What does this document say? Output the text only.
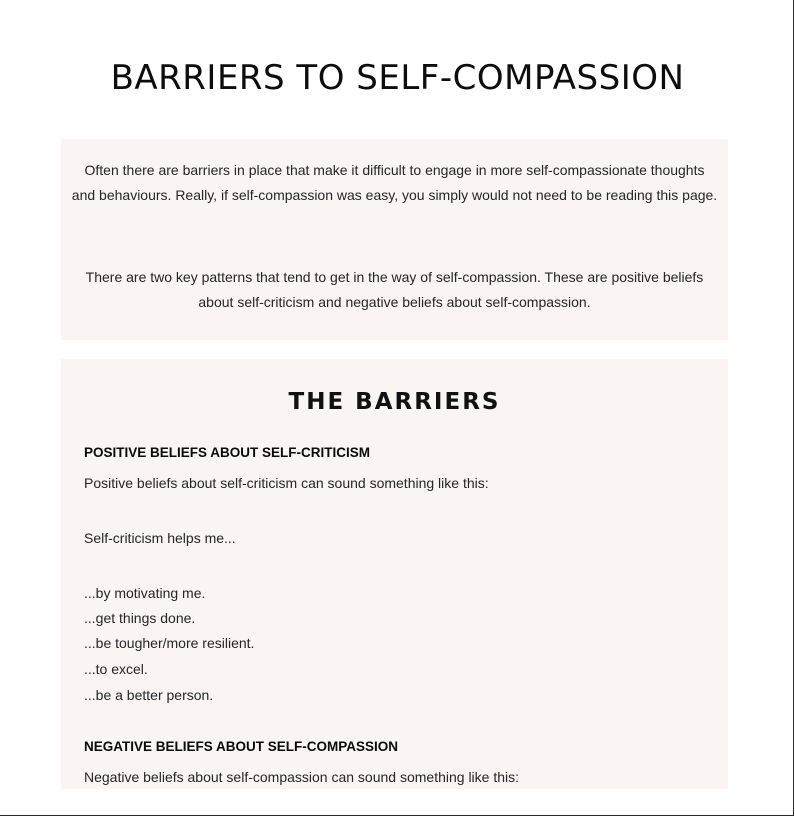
BARRIERS TO SELF-COMPASSION

Often there are barriers in place that make it difficult to engage in more self-compassionate thoughts and behaviours. Really, if self-compassion was easy, you simply would not need to be reading this page.

There are two key patterns that tend to get in the way of self-compassion. These are positive beliefs about self-criticism and negative beliefs about self-compassion.

THE BARRIERS
POSITIVE BELIEFS ABOUT SELF-CRITICISM

Positive beliefs about self-criticism can sound something like this:

Self-criticism helps me...

...by motivating me.

...get things done.

...be tougher/more resilient.

...to excel.

...be a better person.

NEGATIVE BELIEFS ABOUT SELF-COMPASSION

Negative beliefs about self-compassion can sound something like this:
